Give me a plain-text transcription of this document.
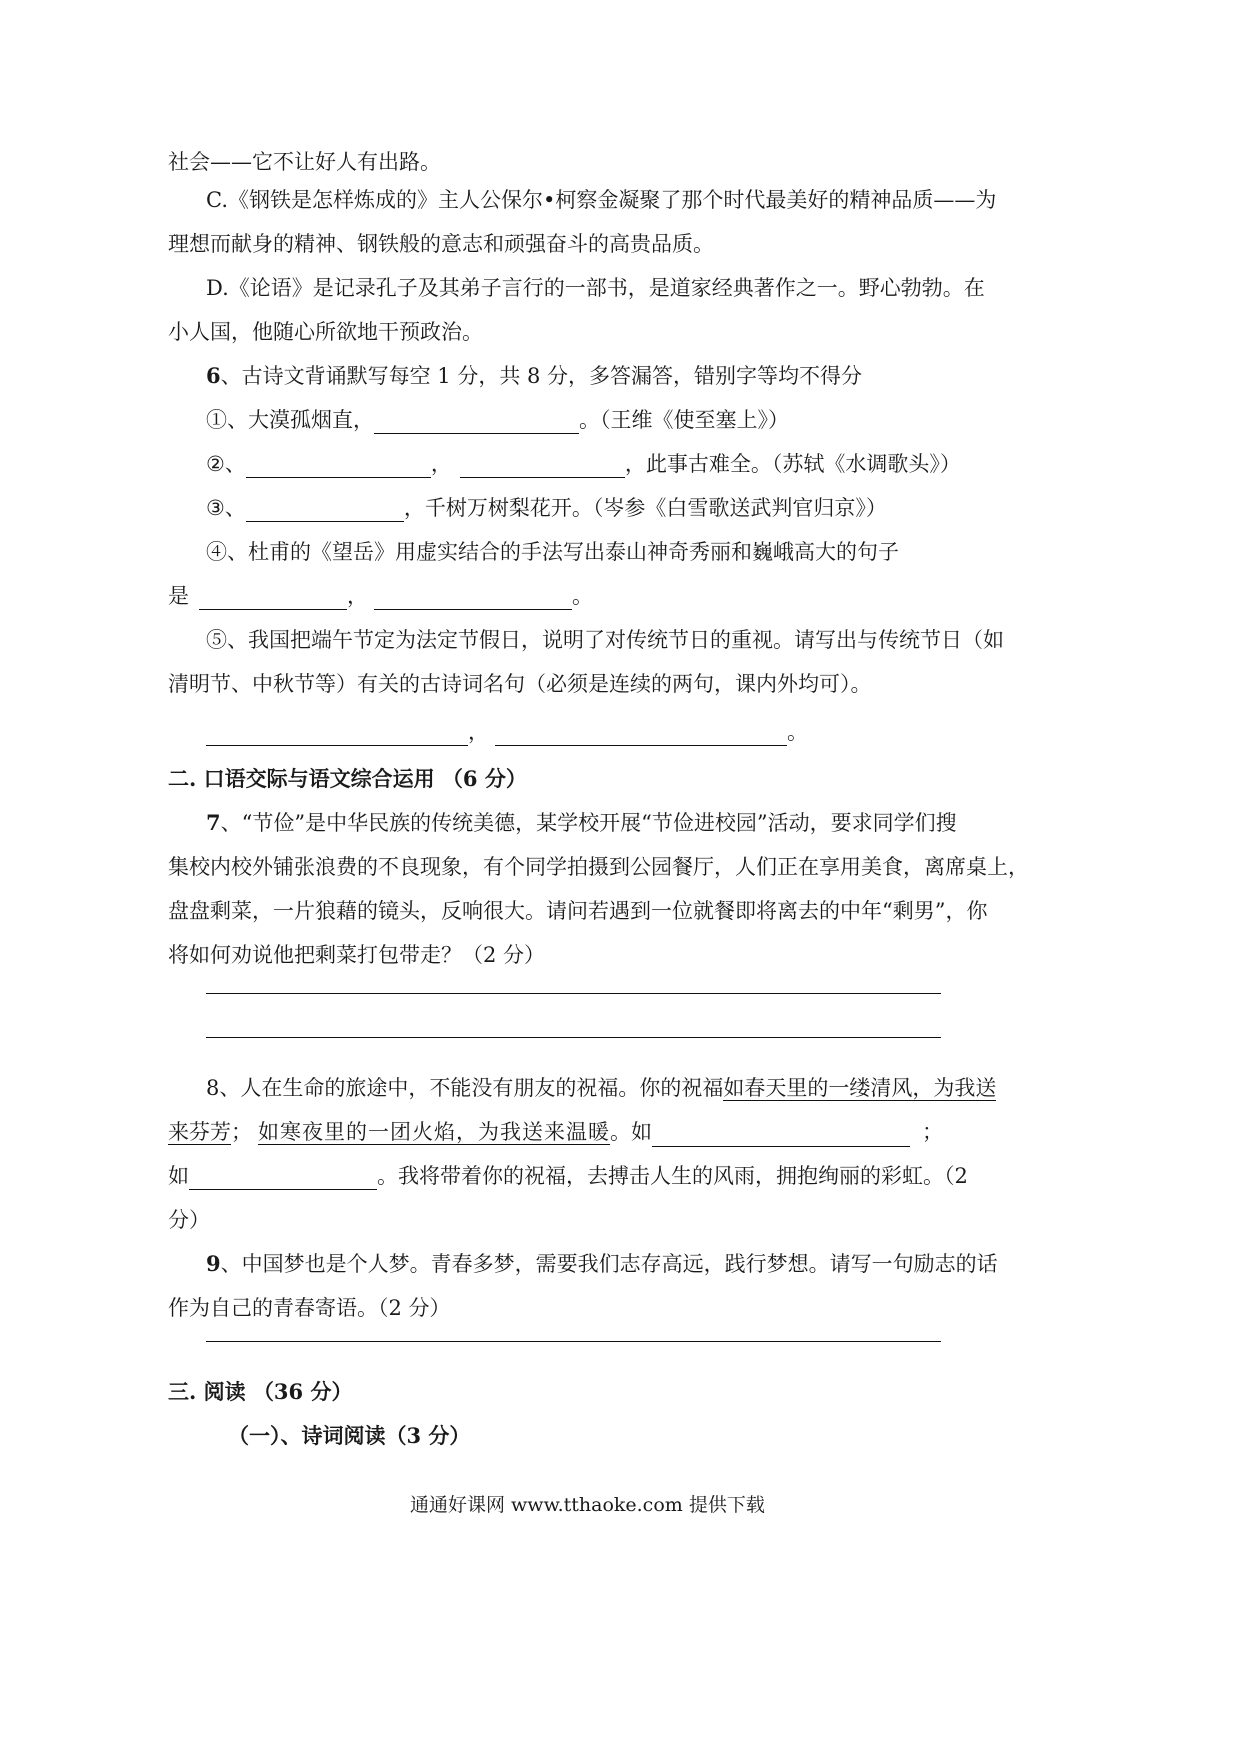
社会——它不让好人有出路。
C.《钢铁是怎样炼成的》主人公保尔•柯察金凝聚了那个时代最美好的精神品质——为
理想而献身的精神、钢铁般的意志和顽强奋斗的高贵品质。
D.《论语》是记录孔子及其弟子言行的一部书，是道家经典著作之一。野心勃勃。在
小人国，他随心所欲地干预政治。
6、古诗文背诵默写每空 1 分，共 8 分，多答漏答，错别字等均不得分
①、大漠孤烟直，	。（王维《使至塞上》）
②、	，	，此事古难全。（苏轼《水调歌头》）
③、	，千树万树梨花开。（岑参《白雪歌送武判官归京》）
④、杜甫的《望岳》用虚实结合的手法写出泰山神奇秀丽和巍峨高大的句子
是	，	。
⑤、我国把端午节定为法定节假日，说明了对传统节日的重视。请写出与传统节日（如
清明节、中秋节等）有关的古诗词名句（必须是连续的两句，课内外均可）。
，	。
二. 口语交际与语文综合运用 （6 分）
7、“节俭”是中华民族的传统美德，某学校开展“节俭进校园”活动，要求同学们搜
集校内校外铺张浪费的不良现象，有个同学拍摄到公园餐厅，人们正在享用美食，离席桌上，
盘盘剩菜，一片狼藉的镜头，反响很大。请问若遇到一位就餐即将离去的中年“剩男”，你
将如何劝说他把剩菜打包带走？（2 分）
8、人在生命的旅途中，不能没有朋友的祝福。你的祝福如春天里的一缕清风，为我送
来芬芳； 如寒夜里的一团火焰，为我送来温暖。如	；
如	。我将带着你的祝福，去搏击人生的风雨，拥抱绚丽的彩虹。（2
分）
9、中国梦也是个人梦。青春多梦，需要我们志存高远，践行梦想。请写一句励志的话
作为自己的青春寄语。（2 分）
三. 阅读 （36 分）
（一）、诗词阅读（3 分）
通通好课网 www.tthaoke.com 提供下载
